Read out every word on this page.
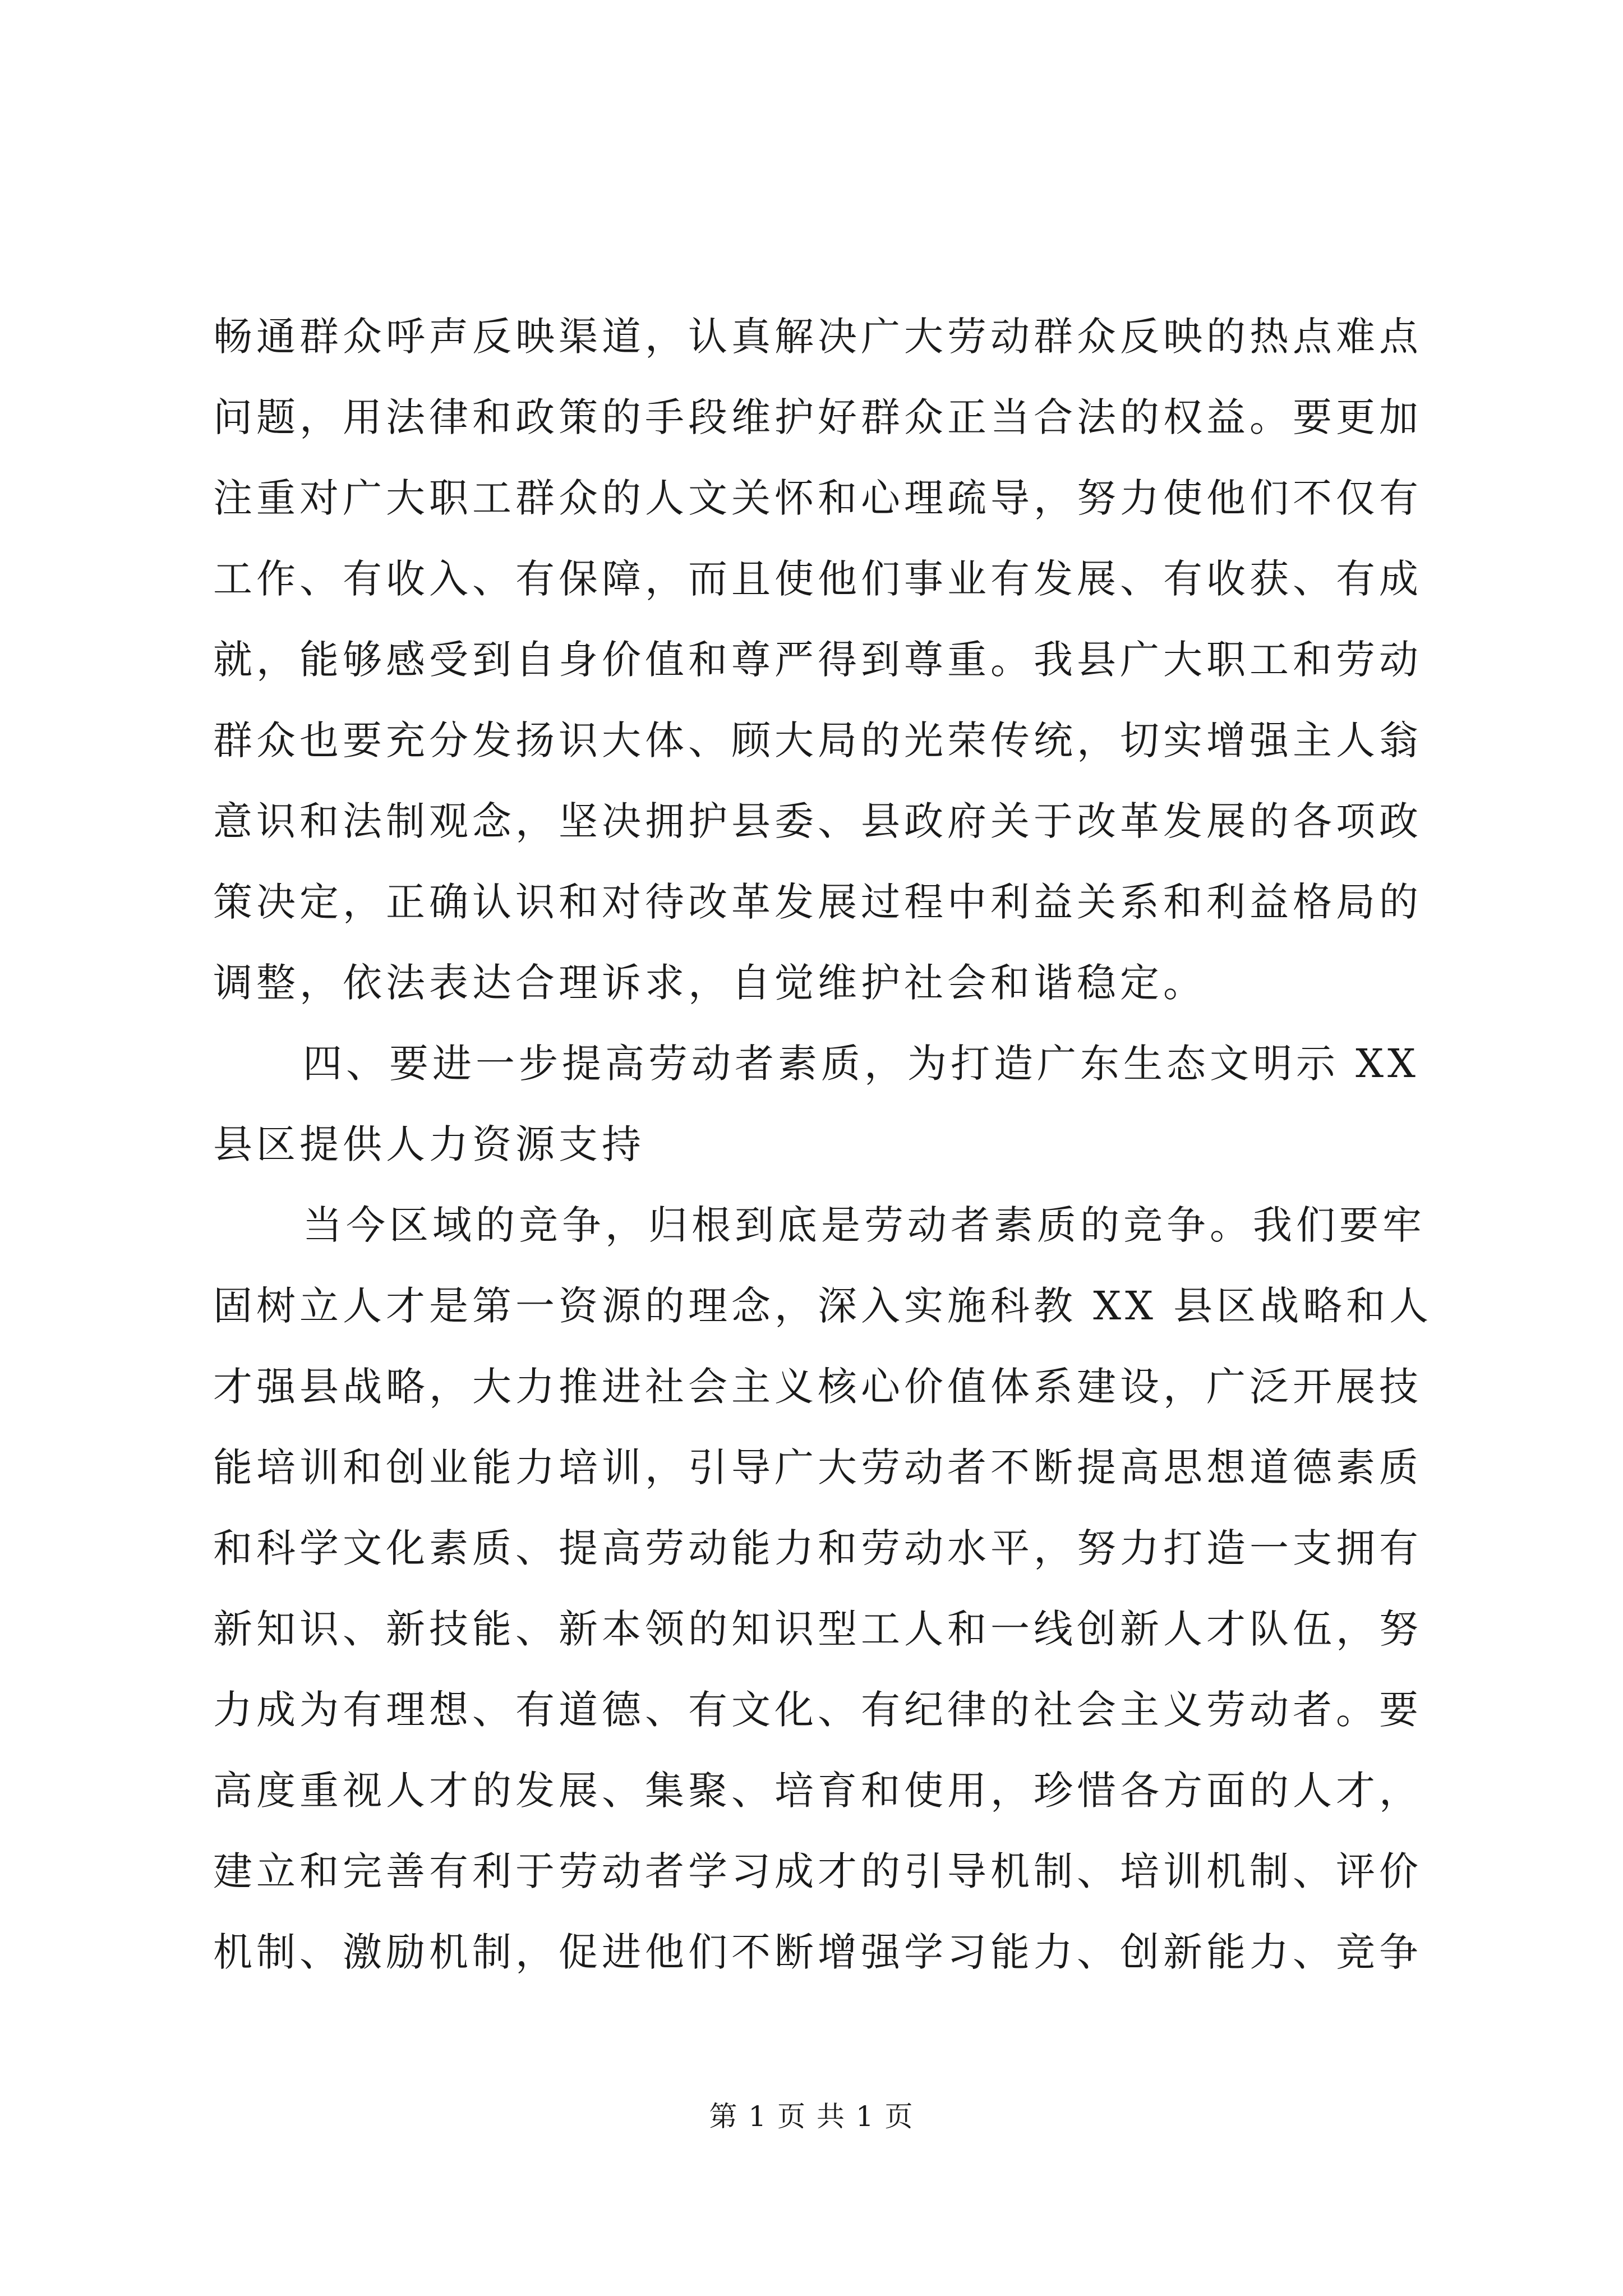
畅通群众呼声反映渠道，认真解决广大劳动群众反映的热点难点
问题，用法律和政策的手段维护好群众正当合法的权益。要更加
注重对广大职工群众的人文关怀和心理疏导，努力使他们不仅有
工作、有收入、有保障，而且使他们事业有发展、有收获、有成
就，能够感受到自身价值和尊严得到尊重。我县广大职工和劳动
群众也要充分发扬识大体、顾大局的光荣传统，切实增强主人翁
意识和法制观念，坚决拥护县委、县政府关于改革发展的各项政
策决定，正确认识和对待改革发展过程中利益关系和利益格局的
调整，依法表达合理诉求，自觉维护社会和谐稳定。
四、要进一步提高劳动者素质，为打造广东生态文明示 XX
县区提供人力资源支持
当今区域的竞争，归根到底是劳动者素质的竞争。我们要牢
固树立人才是第一资源的理念，深入实施科教 XX 县区战略和人
才强县战略，大力推进社会主义核心价值体系建设，广泛开展技
能培训和创业能力培训，引导广大劳动者不断提高思想道德素质
和科学文化素质、提高劳动能力和劳动水平，努力打造一支拥有
新知识、新技能、新本领的知识型工人和一线创新人才队伍，努
力成为有理想、有道德、有文化、有纪律的社会主义劳动者。要
高度重视人才的发展、集聚、培育和使用，珍惜各方面的人才，
建立和完善有利于劳动者学习成才的引导机制、培训机制、评价
机制、激励机制，促进他们不断增强学习能力、创新能力、竞争
第 1 页 共 1 页
